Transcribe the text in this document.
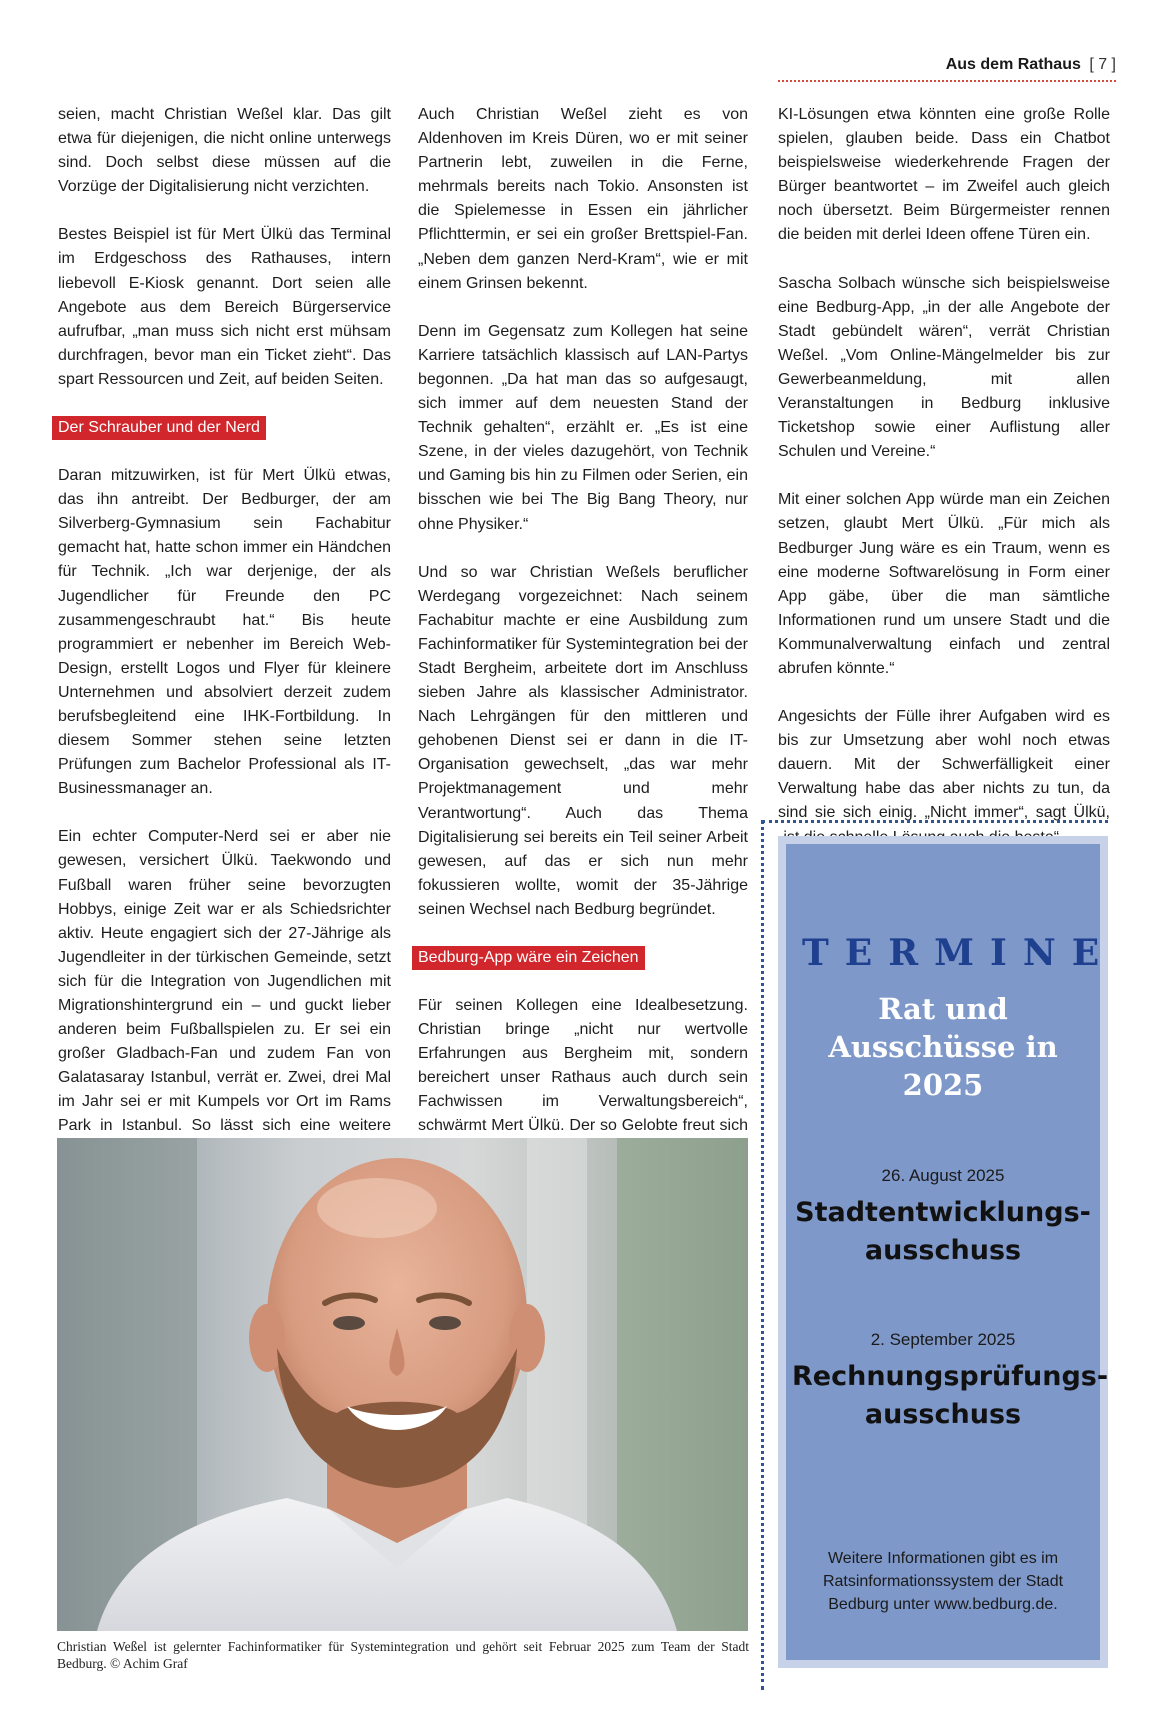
Aus dem Rathaus [ 7 ]

seien, macht Christian Weßel klar. Das gilt etwa für diejenigen, die nicht online unterwegs sind. Doch selbst diese müssen auf die Vorzüge der Digitalisierung nicht verzichten.

Bestes Beispiel ist für Mert Ülkü das Terminal im Erdgeschoss des Rathauses, intern liebevoll E-Kiosk genannt. Dort seien alle Angebote aus dem Bereich Bürgerservice aufrufbar, „man muss sich nicht erst mühsam durchfragen, bevor man ein Ticket zieht“. Das spart Ressourcen und Zeit, auf beiden Seiten.

Der Schrauber und der Nerd

Daran mitzuwirken, ist für Mert Ülkü etwas, das ihn antreibt. Der Bedburger, der am Silverberg-Gymnasium sein Fachabitur gemacht hat, hatte schon immer ein Händchen für Technik. „Ich war derjenige, der als Jugendlicher für Freunde den PC zusammengeschraubt hat.“ Bis heute programmiert er nebenher im Bereich Web-Design, erstellt Logos und Flyer für kleinere Unternehmen und absolviert derzeit zudem berufsbegleitend eine IHK-Fortbildung. In diesem Sommer stehen seine letzten Prüfungen zum Bachelor Professional als IT-Businessmanager an.

Ein echter Computer-Nerd sei er aber nie gewesen, versichert Ülkü. Taekwondo und Fußball waren früher seine bevorzugten Hobbys, einige Zeit war er als Schiedsrichter aktiv. Heute engagiert sich der 27-Jährige als Jugendleiter in der türkischen Gemeinde, setzt sich für die Integration von Jugendlichen mit Migrationshintergrund ein – und guckt lieber anderen beim Fußballspielen zu. Er sei ein großer Gladbach-Fan und zudem Fan von Galatasaray Istanbul, verrät er. Zwei, drei Mal im Jahr sei er mit Kumpels vor Ort im Rams Park in Istanbul. So lässt sich eine weitere

Auch Christian Weßel zieht es von Aldenhoven im Kreis Düren, wo er mit seiner Partnerin lebt, zuweilen in die Ferne, mehrmals bereits nach Tokio. Ansonsten ist die Spielemesse in Essen ein jährlicher Pflichttermin, er sei ein großer Brettspiel-Fan. „Neben dem ganzen Nerd-Kram“, wie er mit einem Grinsen bekennt.

Denn im Gegensatz zum Kollegen hat seine Karriere tatsächlich klassisch auf LAN-Partys begonnen. „Da hat man das so aufgesaugt, sich immer auf dem neuesten Stand der Technik gehalten“, erzählt er. „Es ist eine Szene, in der vieles dazugehört, von Technik und Gaming bis hin zu Filmen oder Serien, ein bisschen wie bei The Big Bang Theory, nur ohne Physiker.“

Und so war Christian Weßels beruflicher Werdegang vorgezeichnet: Nach seinem Fachabitur machte er eine Ausbildung zum Fachinformatiker für Systemintegration bei der Stadt Bergheim, arbeitete dort im Anschluss sieben Jahre als klassischer Administrator. Nach Lehrgängen für den mittleren und gehobenen Dienst sei er dann in die IT-Organisation gewechselt, „das war mehr Projektmanagement und mehr Verantwortung“. Auch das Thema Digitalisierung sei bereits ein Teil seiner Arbeit gewesen, auf das er sich nun mehr fokussieren wollte, womit der 35-Jährige seinen Wechsel nach Bedburg begründet.

Bedburg-App wäre ein Zeichen

Für seinen Kollegen eine Idealbesetzung. Christian bringe „nicht nur wertvolle Erfahrungen aus Bergheim mit, sondern bereichert unser Rathaus auch durch sein Fachwissen im Verwaltungsbereich“, schwärmt Mert Ülkü. Der so Gelobte freut sich

KI-Lösungen etwa könnten eine große Rolle spielen, glauben beide. Dass ein Chatbot beispielsweise wiederkehrende Fragen der Bürger beantwortet – im Zweifel auch gleich noch übersetzt. Beim Bürgermeister rennen die beiden mit derlei Ideen offene Türen ein.

Sascha Solbach wünsche sich beispielsweise eine Bedburg-App, „in der alle Angebote der Stadt gebündelt wären“, verrät Christian Weßel. „Vom Online-Mängelmelder bis zur Gewerbeanmeldung, mit allen Veranstaltungen in Bedburg inklusive Ticketshop sowie einer Auflistung aller Schulen und Vereine.“

Mit einer solchen App würde man ein Zeichen setzen, glaubt Mert Ülkü. „Für mich als Bedburger Jung wäre es ein Traum, wenn es eine moderne Softwarelösung in Form einer App gäbe, über die man sämtliche Informationen rund um unsere Stadt und die Kommunalverwaltung einfach und zentral abrufen könnte.“

Angesichts der Fülle ihrer Aufgaben wird es bis zur Umsetzung aber wohl noch etwas dauern. Mit der Schwerfälligkeit einer Verwaltung habe das aber nichts zu tun, da sind sie sich einig. „Nicht immer“, sagt Ülkü,

TERMINE
Rat und Ausschüsse in 2025
26. August 2025
Stadtentwicklungs-ausschuss
2. September 2025
Rechnungsprüfungs-ausschuss
Weitere Informationen gibt es im Ratsinformationssystem der Stadt Bedburg unter www.bedburg.de.
Christian Weßel ist gelernter Fachinformatiker für Systemintegration und gehört seit Februar 2025 zum Team der Stadt Bedburg. © Achim Graf
